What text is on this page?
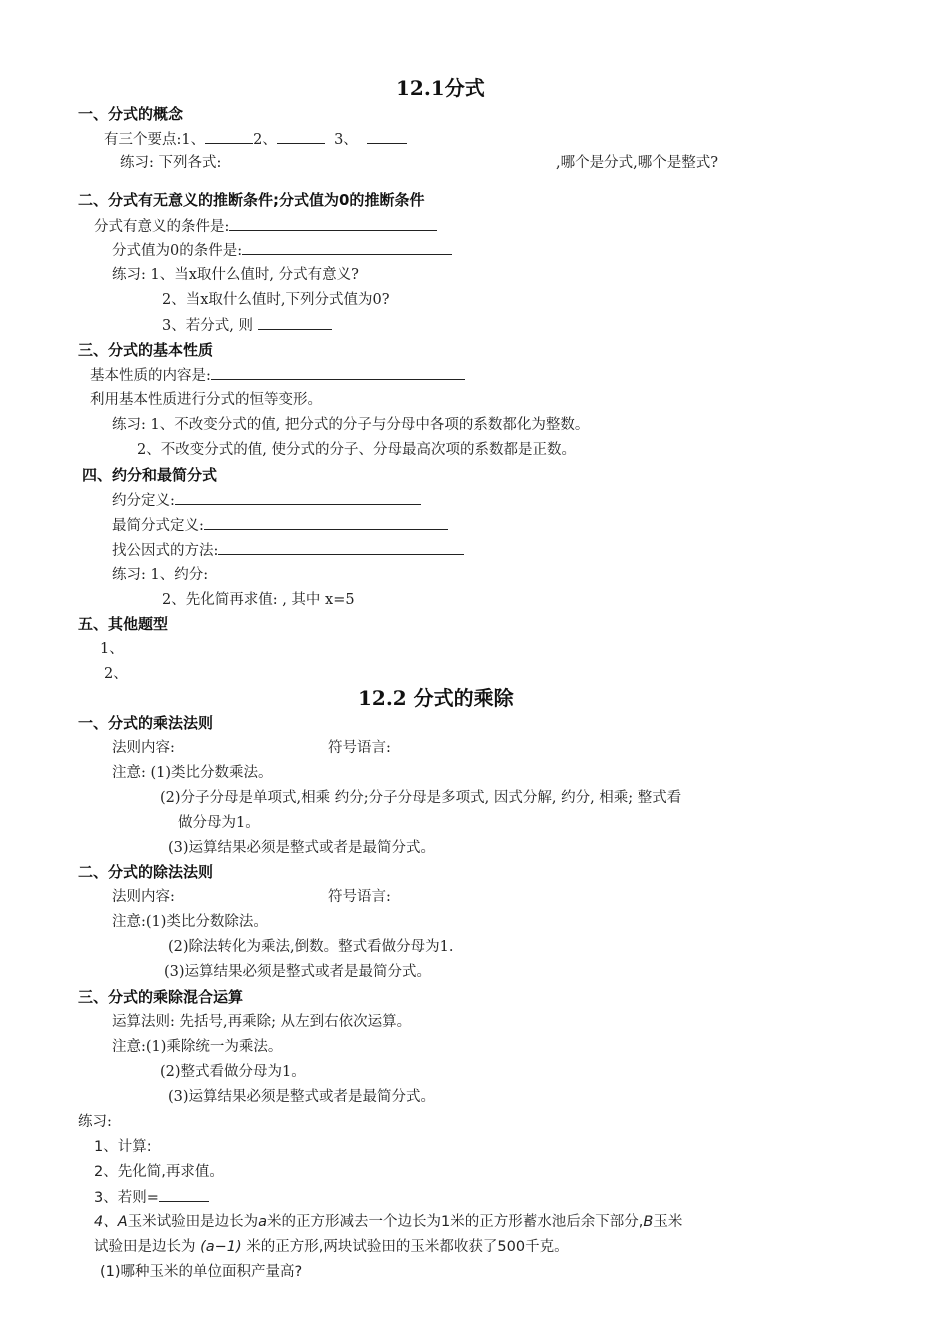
12.1分式
一、分式的概念
有三个要点:1、	2、	3、
练习: 下列各式:	,哪个是分式,哪个是整式?
二、分式有无意义的推断条件;分式值为0的推断条件
分式有意义的条件是:
分式值为0的条件是:
练习: 1、当x取什么值时, 分式有意义?
2、当x取什么值时,下列分式值为0?
3、若分式, 则
三、分式的基本性质
基本性质的内容是:
利用基本性质进行分式的恒等变形。
练习: 1、不改变分式的值, 把分式的分子与分母中各项的系数都化为整数。
2、不改变分式的值, 使分式的分子、分母最高次项的系数都是正数。
四、约分和最简分式
约分定义:
最简分式定义:
找公因式的方法:
练习: 1、约分:
2、先化简再求值: , 其中 x=5
五、其他题型
1、
2、
12.2 分式的乘除
一、分式的乘法法则
法则内容:	符号语言:
注意: (1)类比分数乘法。
(2)分子分母是单项式,相乘 约分;分子分母是多项式, 因式分解, 约分, 相乘; 整式看
做分母为1。
(3)运算结果必须是整式或者是最简分式。
二、分式的除法法则
法则内容:	符号语言:
注意:(1)类比分数除法。
(2)除法转化为乘法,倒数。整式看做分母为1.
(3)运算结果必须是整式或者是最简分式。
三、分式的乘除混合运算
运算法则: 先括号,再乘除; 从左到右依次运算。
注意:(1)乘除统一为乘法。
(2)整式看做分母为1。
(3)运算结果必须是整式或者是最简分式。
练习:
1、计算:
2、先化简,再求值。
3、若则=
4、A玉米试验田是边长为a米的正方形减去一个边长为1米的正方形蓄水池后余下部分,B玉米
试验田是边长为 (a−1) 米的正方形,两块试验田的玉米都收获了500千克。
(1)哪种玉米的单位面积产量高?
